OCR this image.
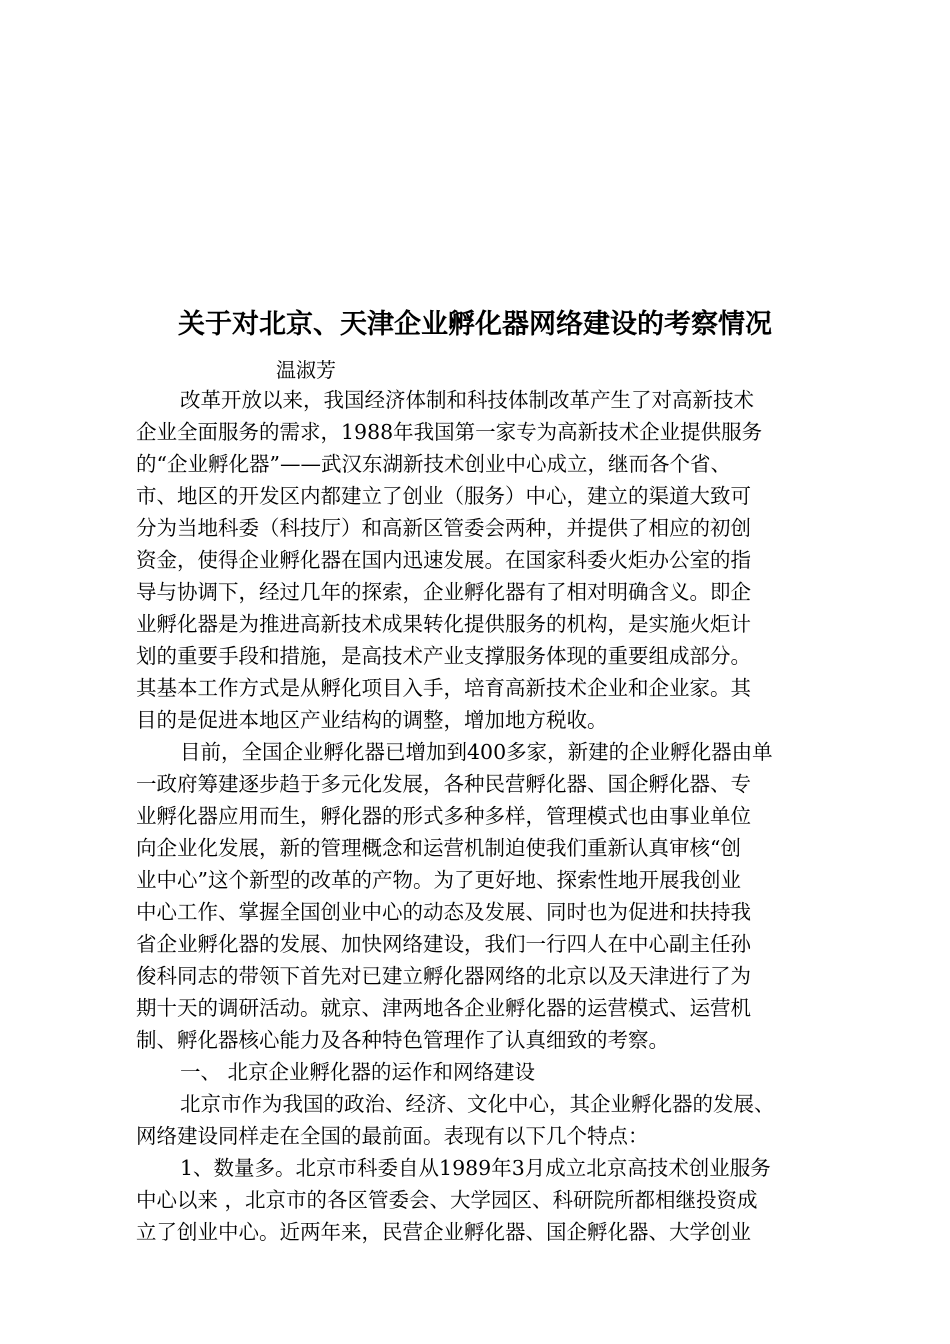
关于对北京、天津企业孵化器网络建设的考察情况
温淑芳
改革开放以来，我国经济体制和科技体制改革产生了对高新技术
企业全面服务的需求，1988年我国第一家专为高新技术企业提供服务
的“企业孵化器”——武汉东湖新技术创业中心成立，继而各个省、
市、地区的开发区内都建立了创业（服务）中心，建立的渠道大致可
分为当地科委（科技厅）和高新区管委会两种，并提供了相应的初创
资金，使得企业孵化器在国内迅速发展。在国家科委火炬办公室的指
导与协调下，经过几年的探索，企业孵化器有了相对明确含义。即企
业孵化器是为推进高新技术成果转化提供服务的机构，是实施火炬计
划的重要手段和措施，是高技术产业支撑服务体现的重要组成部分。
其基本工作方式是从孵化项目入手，培育高新技术企业和企业家。其
目的是促进本地区产业结构的调整，增加地方税收。
目前，全国企业孵化器已增加到400多家，新建的企业孵化器由单
一政府筹建逐步趋于多元化发展，各种民营孵化器、国企孵化器、专
业孵化器应用而生，孵化器的形式多种多样，管理模式也由事业单位
向企业化发展，新的管理概念和运营机制迫使我们重新认真审核“创
业中心”这个新型的改革的产物。为了更好地、探索性地开展我创业
中心工作、掌握全国创业中心的动态及发展、同时也为促进和扶持我
省企业孵化器的发展、加快网络建设，我们一行四人在中心副主任孙
俊科同志的带领下首先对已建立孵化器网络的北京以及天津进行了为
期十天的调研活动。就京、津两地各企业孵化器的运营模式、运营机
制、孵化器核心能力及各种特色管理作了认真细致的考察。
一、 北京企业孵化器的运作和网络建设
北京市作为我国的政治、经济、文化中心，其企业孵化器的发展、
网络建设同样走在全国的最前面。表现有以下几个特点：
1、数量多。北京市科委自从1989年3月成立北京高技术创业服务
中心以来 ，北京市的各区管委会、大学园区、科研院所都相继投资成
立了创业中心。近两年来，民营企业孵化器、国企孵化器、大学创业
